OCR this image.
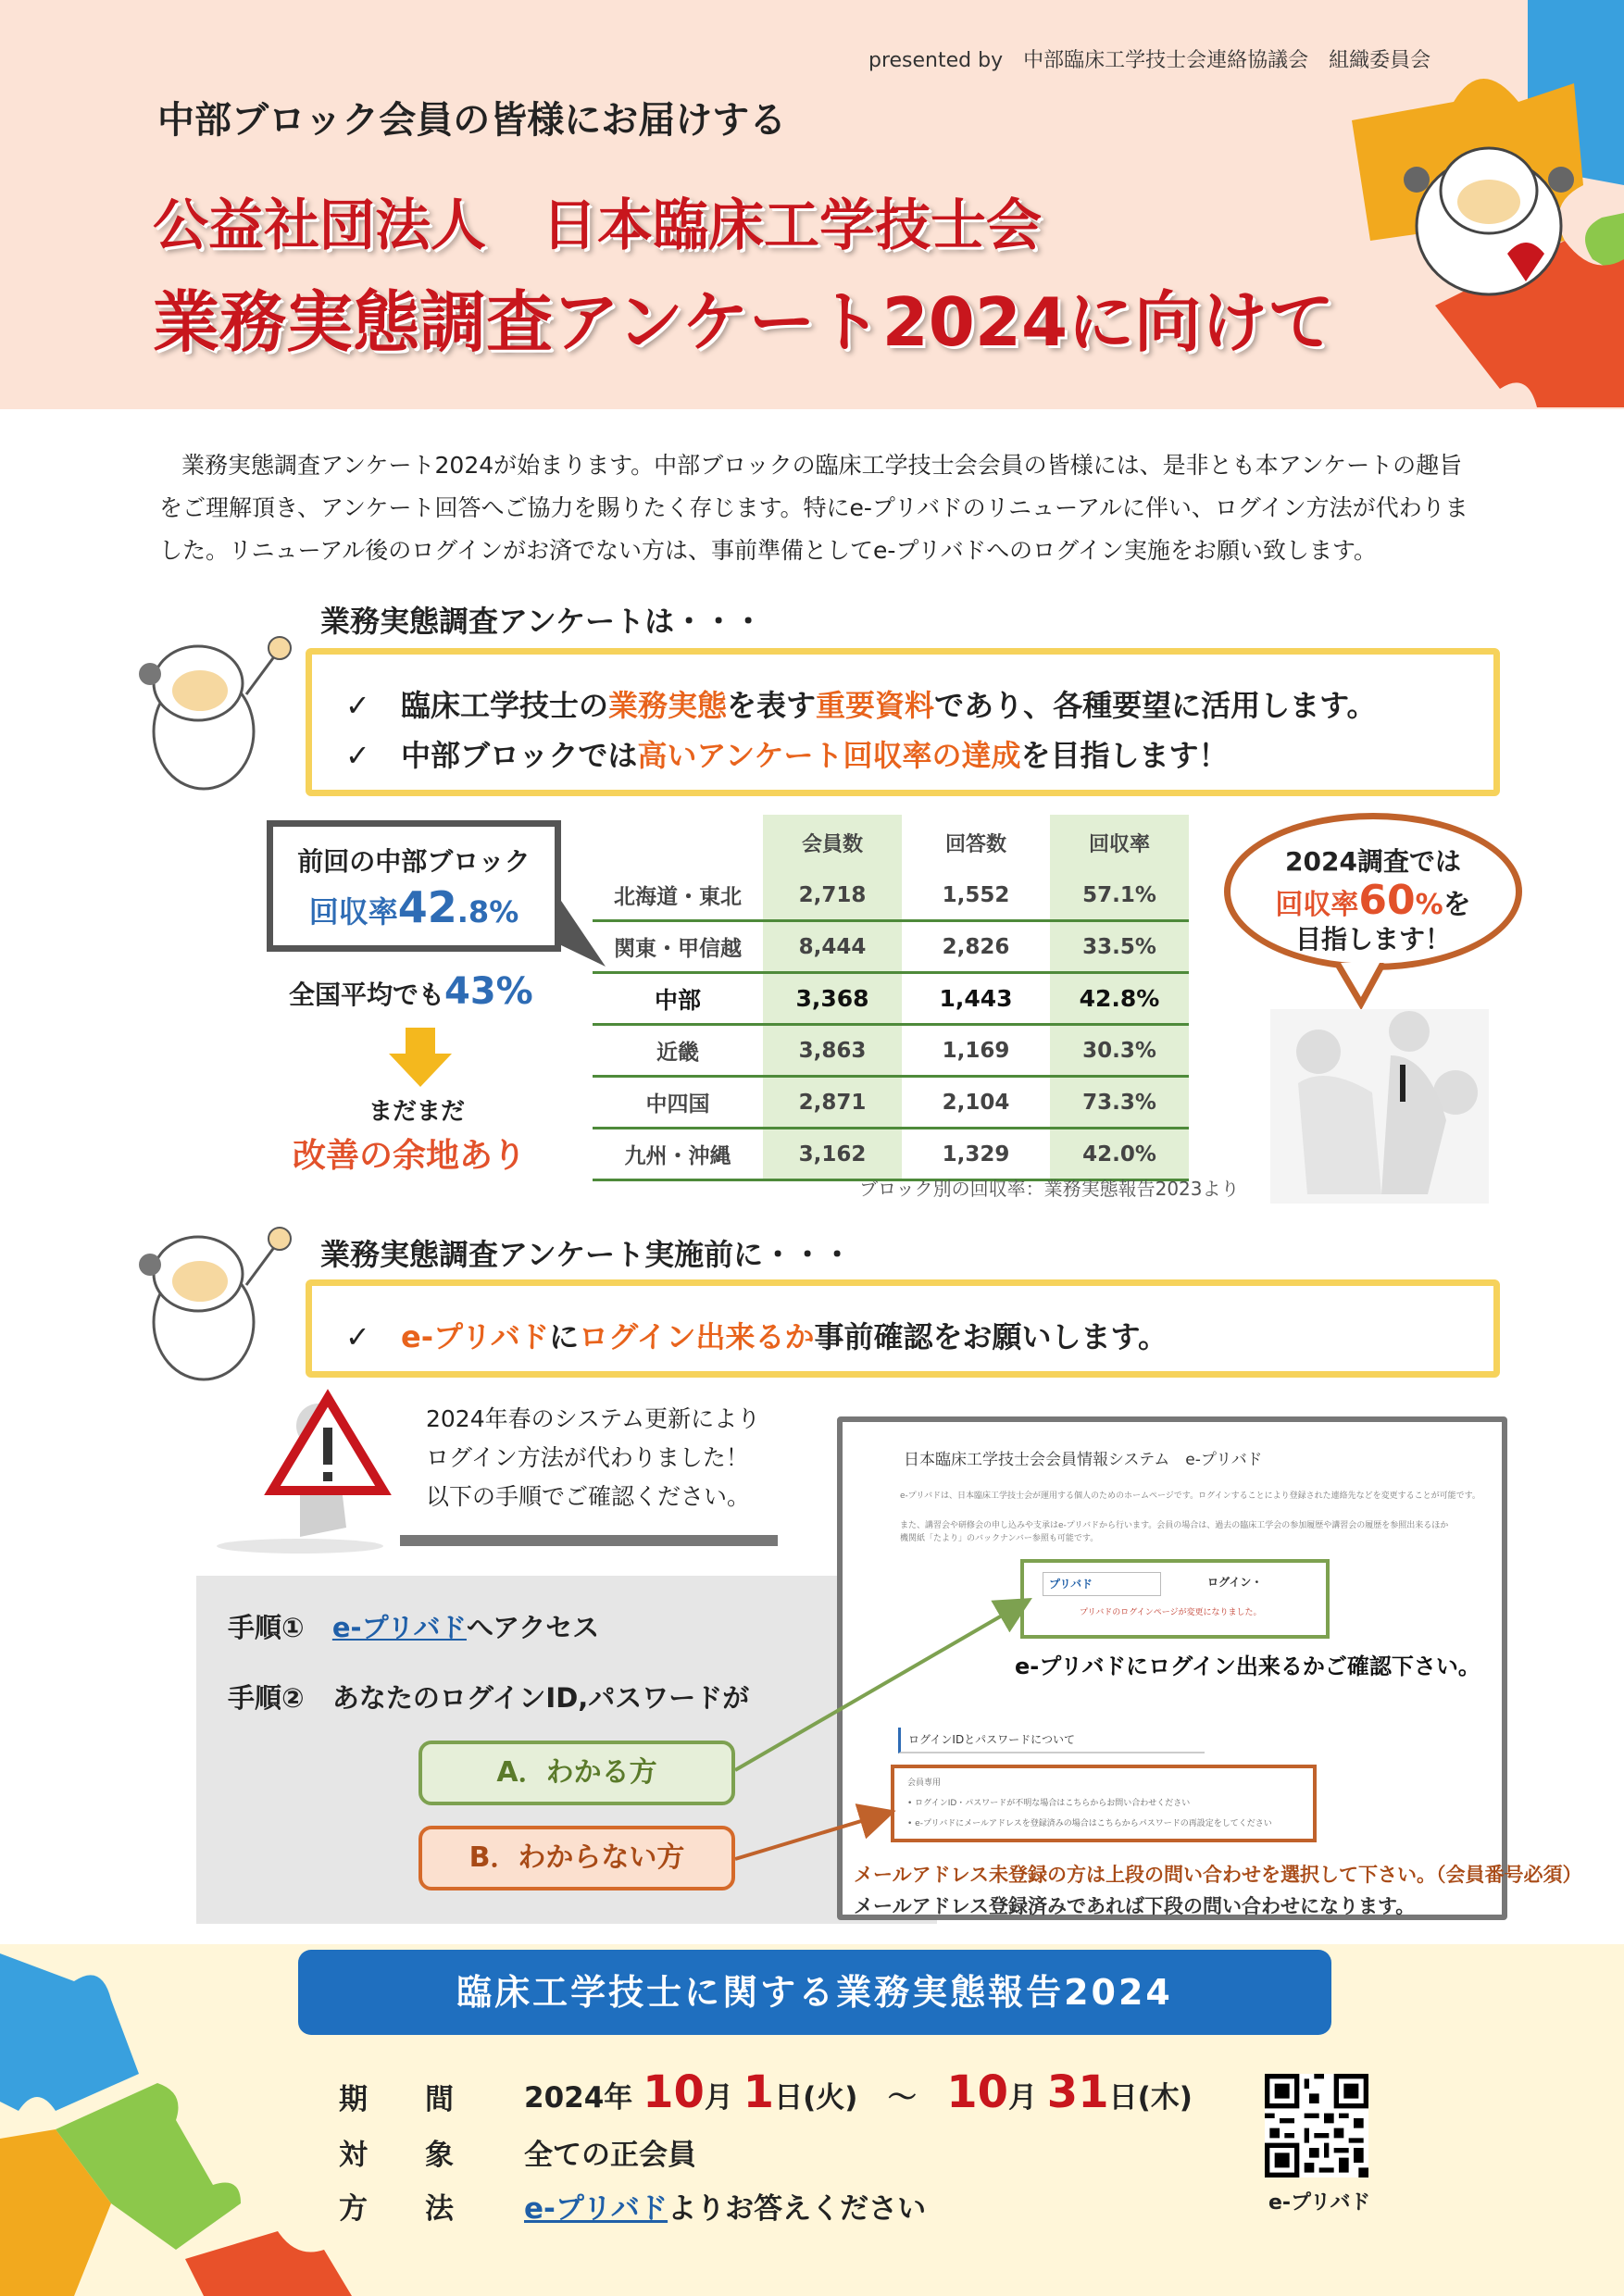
presented by　中部臨床工学技士会連絡協議会　組織委員会
中部ブロック会員の皆様にお届けする
公益社団法人　日本臨床工学技士会
業務実態調査アンケート2024に向けて
業務実態調査アンケート2024が始まります。中部ブロックの臨床工学技士会会員の皆様には、是非とも本アンケートの趣旨をご理解頂き、アンケート回答へご協力を賜りたく存じます。特にe-プリバドのリニューアルに伴い、ログイン方法が代わりました。リニューアル後のログインがお済でない方は、事前準備としてe-プリバドへのログイン実施をお願い致します。
業務実態調査アンケートは・・・
✓ 臨床工学技士の業務実態を表す重要資料であり、各種要望に活用します。
✓ 中部ブロックでは高いアンケート回収率の達成を目指します！
前回の中部ブロック
回収率42.8%
全国平均でも43%
まだまだ
改善の余地あり
	会員数	回答数	回収率
北海道・東北	2,718	1,552	57.1%
関東・甲信越	8,444	2,826	33.5%
中部	3,368	1,443	42.8%
近畿	3,863	1,169	30.3%
中四国	2,871	2,104	73.3%
九州・沖縄	3,162	1,329	42.0%
ブロック別の回収率：業務実態報告2023より
2024調査では
回収率60%を
目指します！
業務実態調査アンケート実施前に・・・
✓ e-プリバドにログイン出来るか事前確認をお願いします。
2024年春のシステム更新により
ログイン方法が代わりました！
以下の手順でご確認ください。
手順① e-プリバドへアクセス
手順② あなたのログインID,パスワードが
A．わかる方
B．わからない方
日本臨床工学技士会会員情報システム　e-プリバド
e-プリバドは、日本臨床工学技士会が運用する個人のためのホームページです。ログインすることにより登録された連絡先などを変更することが可能です。
また、講習会や研修会の申し込みや支承はe-プリバドから行います。会員の場合は、過去の臨床工学会の参加履歴や講習会の履歴を参照出来るほか
機関紙「たより」のバックナンバー参照も可能です。
プリバド	ログイン・
プリバドのログインページが変更になりました。
e-プリバドにログイン出来るかご確認下さい。
ログインIDとパスワードについて
会員専用
• ログインID・パスワードが不明な場合はこちらからお問い合わせください
• e-プリバドにメールアドレスを登録済みの場合はこちらからパスワードの再設定をしてください
メールアドレス未登録の方は上段の問い合わせを選択して下さい。（会員番号必須）
メールアドレス登録済みであれば下段の問い合わせになります。
臨床工学技士に関する業務実態報告2024
期間 2024年 10月 1日(火) ～ 10月 31日(木)
対象 全ての正会員
方法 e-プリバドよりお答えください	e-プリバド
